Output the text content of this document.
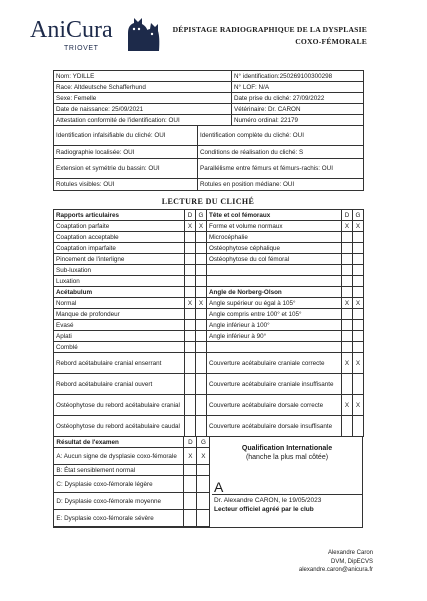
AniCura
TRIOVET
DÉPISTAGE RADIOGRAPHIQUE DE LA DYSPLASIE
COXO-FÉMORALE
Nom: YDILLE	N° identification:250269100300298
Race: Altdeutsche Schafferhund	N° LOF: N/A
Sexe: Femelle	Date prise du cliché: 27/09/2022
Date de naissance: 25/09/2021	Vétérinaire: Dr. CARON
Attestation conformité de l'identification: OUI	Numéro ordinal: 22179
Identification infalsifiable du cliché: OUI	Identification complète du cliché: OUI
Radiographie localisée: OUI	Conditions de réalisation du cliché: S
Extension et symétrie du bassin: OUI	Parallélisme entre fémurs et fémurs-rachis: OUI
Rotules visibles: OUI	Rotules en position médiane: OUI
LECTURE DU CLICHÉ
Rapports articulaires	D	G	Tête et col fémoraux	D	G
Coaptation parfaite	X	X	Forme et volume normaux	X	X
Coaptation acceptable			Microcéphalie		
Coaptation imparfaite			Ostéophytose céphalique		
Pincement de l'interligne			Ostéophytose du col fémoral		
Sub-luxation					
Luxation					
Acétabulum			Angle de Norberg-Olson		
Normal	X	X	Angle supérieur ou égal à 105°	X	X
Manque de profondeur			Angle compris entre 100° et 105°		
Evasé			Angle inférieur à 100°		
Aplati			Angle inférieur à 90°		
Comblé					
Rebord acétabulaire cranial enserrant			Couverture acétabulaire craniale correcte	X	X
Rebord acétabulaire cranial ouvert			Couverture acétabulaire craniale insuffisante		
Ostéophytose du rebord acétabulaire cranial			Couverture acétabulaire dorsale correcte	X	X
Ostéophytose du rebord acétabulaire caudal			Couverture acétabulaire dorsale insuffisante		
Résultat de l'examen	D	G
A: Aucun signe de dysplasie coxo-fémorale	X	X
B: État sensiblement normal		
C: Dysplasie coxo-fémorale légère		
D: Dysplasie coxo-fémorale moyenne		
E: Dysplasie coxo-fémorale sévère		
Qualification Internationale
(hanche la plus mal côtée)
A
Dr. Alexandre CARON, le 19/05/2023
Lecteur officiel agréé par le club
Alexandre Caron
DVM, DipECVS
alexandre.caron@anicura.fr
